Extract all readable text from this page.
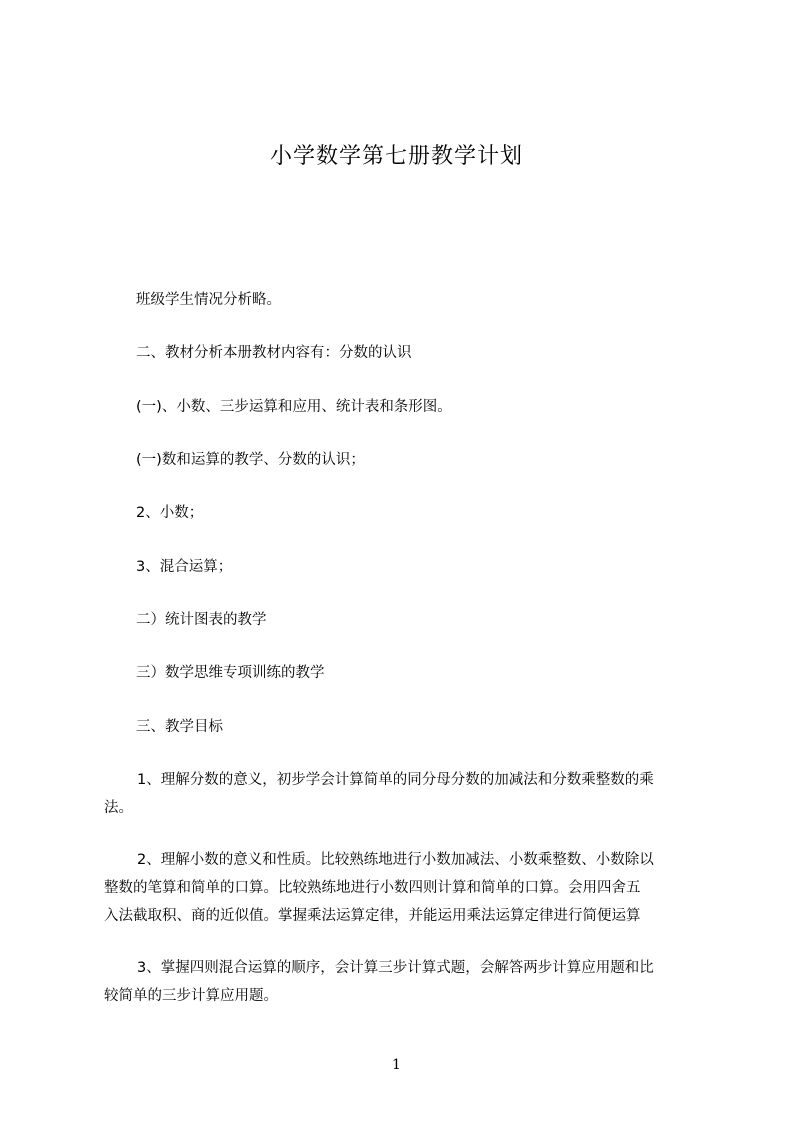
小学数学第七册教学计划
班级学生情况分析略。
二、教材分析本册教材内容有：分数的认识
(一)、小数、三步运算和应用、统计表和条形图。
(一)数和运算的教学、分数的认识；
2、小数；
3、混合运算；
二）统计图表的教学
三）数学思维专项训练的教学
三、教学目标
1、理解分数的意义，初步学会计算简单的同分母分数的加减法和分数乘整数的乘
法。
2、理解小数的意义和性质。比较熟练地进行小数加减法、小数乘整数、小数除以
整数的笔算和简单的口算。比较熟练地进行小数四则计算和简单的口算。会用四舍五
入法截取积、商的近似值。掌握乘法运算定律，并能运用乘法运算定律进行简便运算
3、掌握四则混合运算的顺序，会计算三步计算式题，会解答两步计算应用题和比
较简单的三步计算应用题。
1
